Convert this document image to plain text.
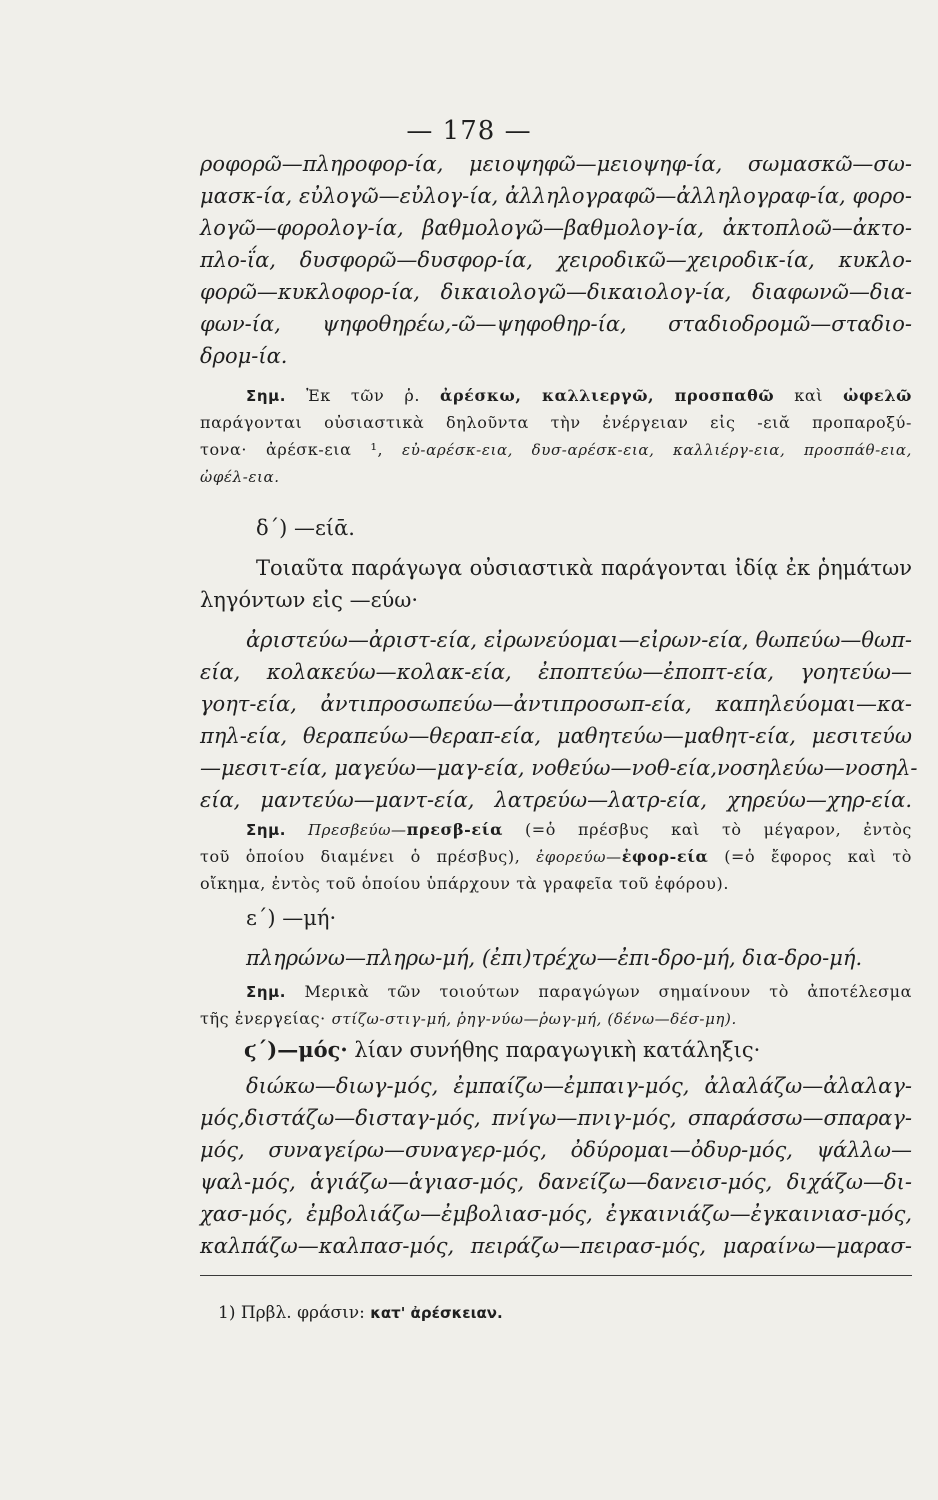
— 178 —
ροφορῶ—πληροφορ-ία, μειοψηφῶ—μειοψηφ-ία, σωμασκῶ—σω-
μασκ-ία, εὐλογῶ—εὐλογ-ία, ἀλληλογραφῶ—ἀλληλογραφ-ία, φορο-
λογῶ—φορολογ-ία, βαθμολογῶ—βαθμολογ-ία, ἀκτοπλοῶ—ἀκτο-
πλο-ΐα, δυσφορῶ—δυσφορ-ία, χειροδικῶ—χειροδικ-ία, κυκλο-
φορῶ—κυκλοφορ-ία, δικαιολογῶ—δικαιολογ-ία, διαφωνῶ—δια-
φων-ία, ψηφοθηρέω,-ῶ—ψηφοθηρ-ία, σταδιοδρομῶ—σταδιο-
δρομ-ία.
Σημ. Ἐκ τῶν ῥ. ἀρέσκω, καλλιεργῶ, προσπαθῶ καὶ ὠφελῶ
παράγονται οὐσιαστικὰ δηλοῦντα τὴν ἐνέργειαν εἰς -ειᾰ προπαροξύ-
τονα· ἀρέσκ-εια ¹, εὐ-αρέσκ-εια, δυσ-αρέσκ-εια, καλλιέργ-εια, προσπάθ-εια,
ὠφέλ-εια.
δ΄) —είᾱ.
Τοιαῦτα παράγωγα οὐσιαστικὰ παράγονται ἰδίᾳ ἐκ ῥημάτων
ληγόντων εἰς —εύω·
ἀριστεύω—ἀριστ-εία, εἰρωνεύομαι—εἰρων-εία, θωπεύω—θωπ-
εία, κολακεύω—κολακ-εία, ἐποπτεύω—ἐποπτ-εία, γοητεύω—
γοητ-εία, ἀντιπροσωπεύω—ἀντιπροσωπ-εία, καπηλεύομαι—κα-
πηλ-εία, θεραπεύω—θεραπ-εία, μαθητεύω—μαθητ-εία, μεσιτεύω
—μεσιτ-εία, μαγεύω—μαγ-εία, νοθεύω—νοθ-εία,νοσηλεύω—νοσηλ-
εία, μαντεύω—μαντ-εία, λατρεύω—λατρ-εία, χηρεύω—χηρ-εία.
Σημ. Πρεσβεύω—πρεσβ-εία (=ὁ πρέσβυς καὶ τὸ μέγαρον, ἐντὸς
τοῦ ὁποίου διαμένει ὁ πρέσβυς), ἐφορεύω—ἐφορ-εία (=ὁ ἔφορος καὶ τὸ
οἴκημα, ἐντὸς τοῦ ὁποίου ὑπάρχουν τὰ γραφεῖα τοῦ ἐφόρου).
ε΄) —μή·
πληρώνω—πληρω-μή, (ἐπι)τρέχω—ἐπι-δρο-μή, δια-δρο-μή.
Σημ. Μερικὰ τῶν τοιούτων παραγώγων σημαίνουν τὸ ἀποτέλεσμα
τῆς ἐνεργείας· στίζω-στιγ-μή, ῥηγ-νύω—ῥωγ-μή, (δένω—δέσ-μη).
ϛ΄)—μός· λίαν συνήθης παραγωγικὴ κατάληξις·
διώκω—διωγ-μός, ἐμπαίζω—ἐμπαιγ-μός, ἀλαλάζω—ἀλαλαγ-
μός,διστάζω—δισταγ-μός, πνίγω—πνιγ-μός, σπαράσσω—σπαραγ-
μός, συναγείρω—συναγερ-μός, ὀδύρομαι—ὀδυρ-μός, ψάλλω—
ψαλ-μός, ἁγιάζω—ἁγιασ-μός, δανείζω—δανεισ-μός, διχάζω—δι-
χασ-μός, ἐμβολιάζω—ἐμβολιασ-μός, ἐγκαινιάζω—ἐγκαινιασ-μός,
καλπάζω—καλπασ-μός, πειράζω—πειρασ-μός, μαραίνω—μαρασ-
1) Πρβλ. φράσιν: κατ' ἀρέσκειαν.
